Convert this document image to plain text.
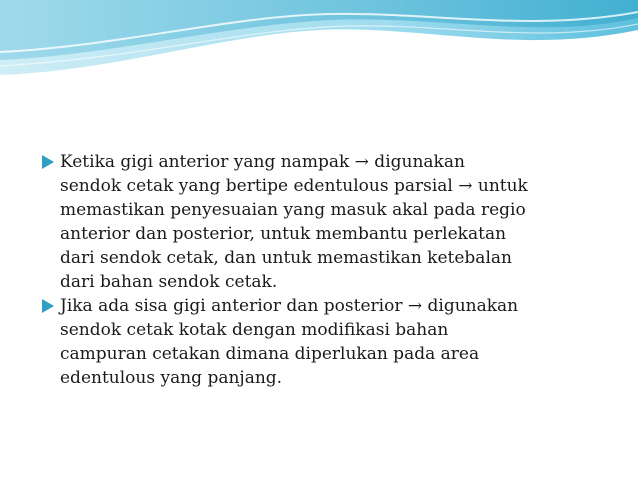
Ketika gigi anterior yang nampak → digunakan
sendok cetak yang bertipe edentulous parsial → untuk
memastikan penyesuaian yang masuk akal pada regio
anterior dan posterior, untuk membantu perlekatan
dari sendok cetak, dan untuk memastikan ketebalan
dari bahan sendok cetak.
Jika ada sisa gigi anterior dan posterior → digunakan
sendok cetak kotak dengan modifikasi bahan
campuran cetakan dimana diperlukan pada area
edentulous yang panjang.
